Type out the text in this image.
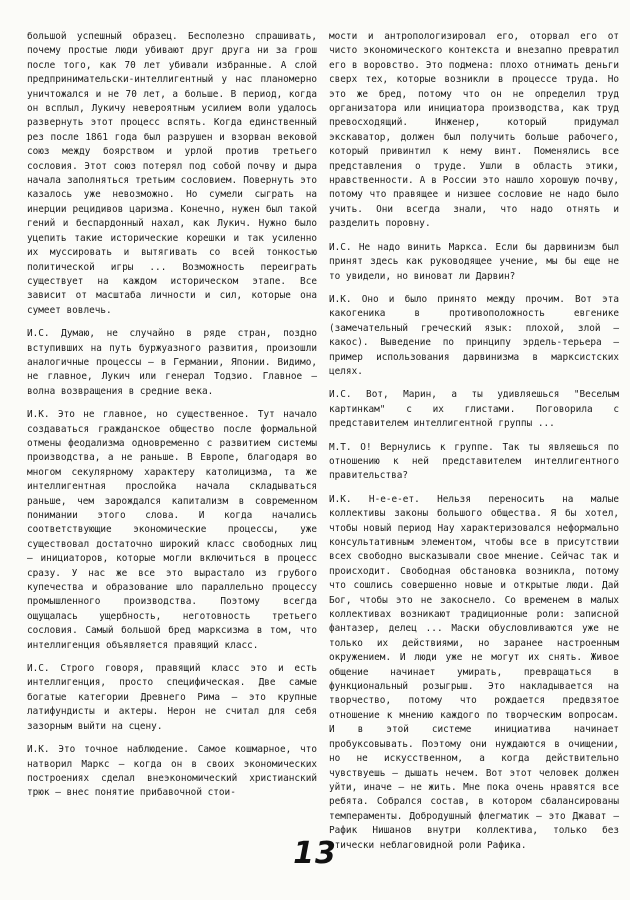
большой успешный образец. Бесполезно спрашивать, почему простые люди убивают друг друга ни за грош после того, как 70 лет убивали избранные. А слой предпринимательски-интеллигентный у нас планомерно уничтожался и не 70 лет, а больше. В период, когда он всплыл, Лукичу невероятным усилием воли удалось развернуть этот процесс вспять. Когда единственный рез после 1861 года был разрушен и взорван вековой союз между боярством и урлой против третьего сословия. Этот союз потерял под собой почву и дыра начала заполняться третьим сословием. Повернуть это казалось уже невозможно. Но сумели сыграть на инерции рецидивов царизма. Конечно, нужен был такой гений и беспардонный нахал, как Лукич. Нужно было уцепить такие исторические корешки и так усиленно их муссировать и вытягивать со всей тонкостью политической игры ... Возможность переиграть существует на каждом историческом этапе. Все зависит от масштаба личности и сил, которые она сумеет вовлечь.

И.С. Думаю, не случайно в ряде стран, поздно вступивших на путь буржуазного развития, произошли аналогичные процессы – в Германии, Японии. Видимо, не главное, Лукич или генерал Тодзио. Главное – волна возвращения в средние века.

И.К. Это не главное, но существенное. Тут начало создаваться гражданское общество после формальной отмены феодализма одновременно с развитием системы производства, а не раньше. В Европе, благодаря во многом секулярному характеру католицизма, та же интеллигентная прослойка начала складываться раньше, чем зарождался капитализм в современном понимании этого слова. И когда начались соответствующие экономические процессы, уже существовал достаточно широкий класс свободных лиц – инициаторов, которые могли включиться в процесс сразу. У нас же все это вырастало из грубого купечества и образование шло параллельно процессу промышленного производства. Поэтому всегда ощущалась ущербность, неготовность третьего сословия. Самый большой бред марксизма в том, что интеллигенция объявляется правящий класс.

И.С. Строго говоря, правящий класс это и есть интеллигенция, просто специфическая. Две самые богатые категории Древнего Рима – это крупные латифундисты и актеры. Нерон не считал для себя зазорным выйти на сцену.

И.К. Это точное наблюдение. Самое кошмарное, что натворил Маркс – когда он в своих экономических построениях сделал внеэкономический христианский трюк – внес понятие прибавочной стои-

мости и антропологизировал его, оторвал его от чисто экономического контекста и внезапно превратил его в воровство. Это подмена: плохо отнимать деньги сверх тех, которые возникли в процессе труда. Но это же бред, потому что он не определил труд организатора или инициатора производства, как труд превосходящий. Инженер, который придумал экскаватор, должен был получить больше рабочего, который привинтил к нему винт. Поменялись все представления о труде. Ушли в область этики, нравственности. А в России это нашло хорошую почву, потому что правящее и низшее сословие не надо было учить. Они всегда знали, что надо отнять и разделить поровну.

И.С. Не надо винить Маркса. Если бы дарвинизм был принят здесь как руководящее учение, мы бы еще не то увидели, но виноват ли Дарвин?

И.К. Оно и было принято между прочим. Вот эта какогеника в противоположность евгенике (замечательный греческий язык: плохой, злой – какос). Выведение по принципу эрдель-терьера – пример использования дарвинизма в марксистских целях.

И.С. Вот, Марин, а ты удивляешься "Веселым картинкам" с их глистами. Поговорила с представителем интеллигентной группы ...

М.Т. О! Вернулись к группе. Так ты являешься по отношению к ней представителем интеллигентного правительства?

И.К. Н-е-е-ет. Нельзя переносить на малые коллективы законы большого общества. Я бы хотел, чтобы новый период Нау характеризовался неформально консультативным элементом, чтобы все в присутствии всех свободно высказывали свое мнение. Сейчас так и происходит. Свободная обстановка возникла, потому что сошлись совершенно новые и открытые люди. Дай Бог, чтобы это не закоснело. Со временем в малых коллективах возникают традиционные роли: записной фантазер, делец ... Маски обусловливаются уже не только их действиями, но заранее настроенным окружением. И люди уже не могут их снять. Живое общение начинает умирать, превращаться в функциональный розыгрыш. Это накладывается на творчество, потому что рождается предвзятое отношение к мнению каждого по творческим вопросам. И в этой системе инициатива начинает пробуксовывать. Поэтому они нуждаются в очищении, но не искусственном, а когда действительно чувствуешь – дышать нечем. Вот этот человек должен уйти, иначе – не жить. Мне пока очень нравятся все ребята. Собрался состав, в котором сбалансированы темпераменты. Добродушный флегматик – это Джават – Рафик Нишанов внутри коллектива, только без этически неблаговидной роли Рафика.

13
